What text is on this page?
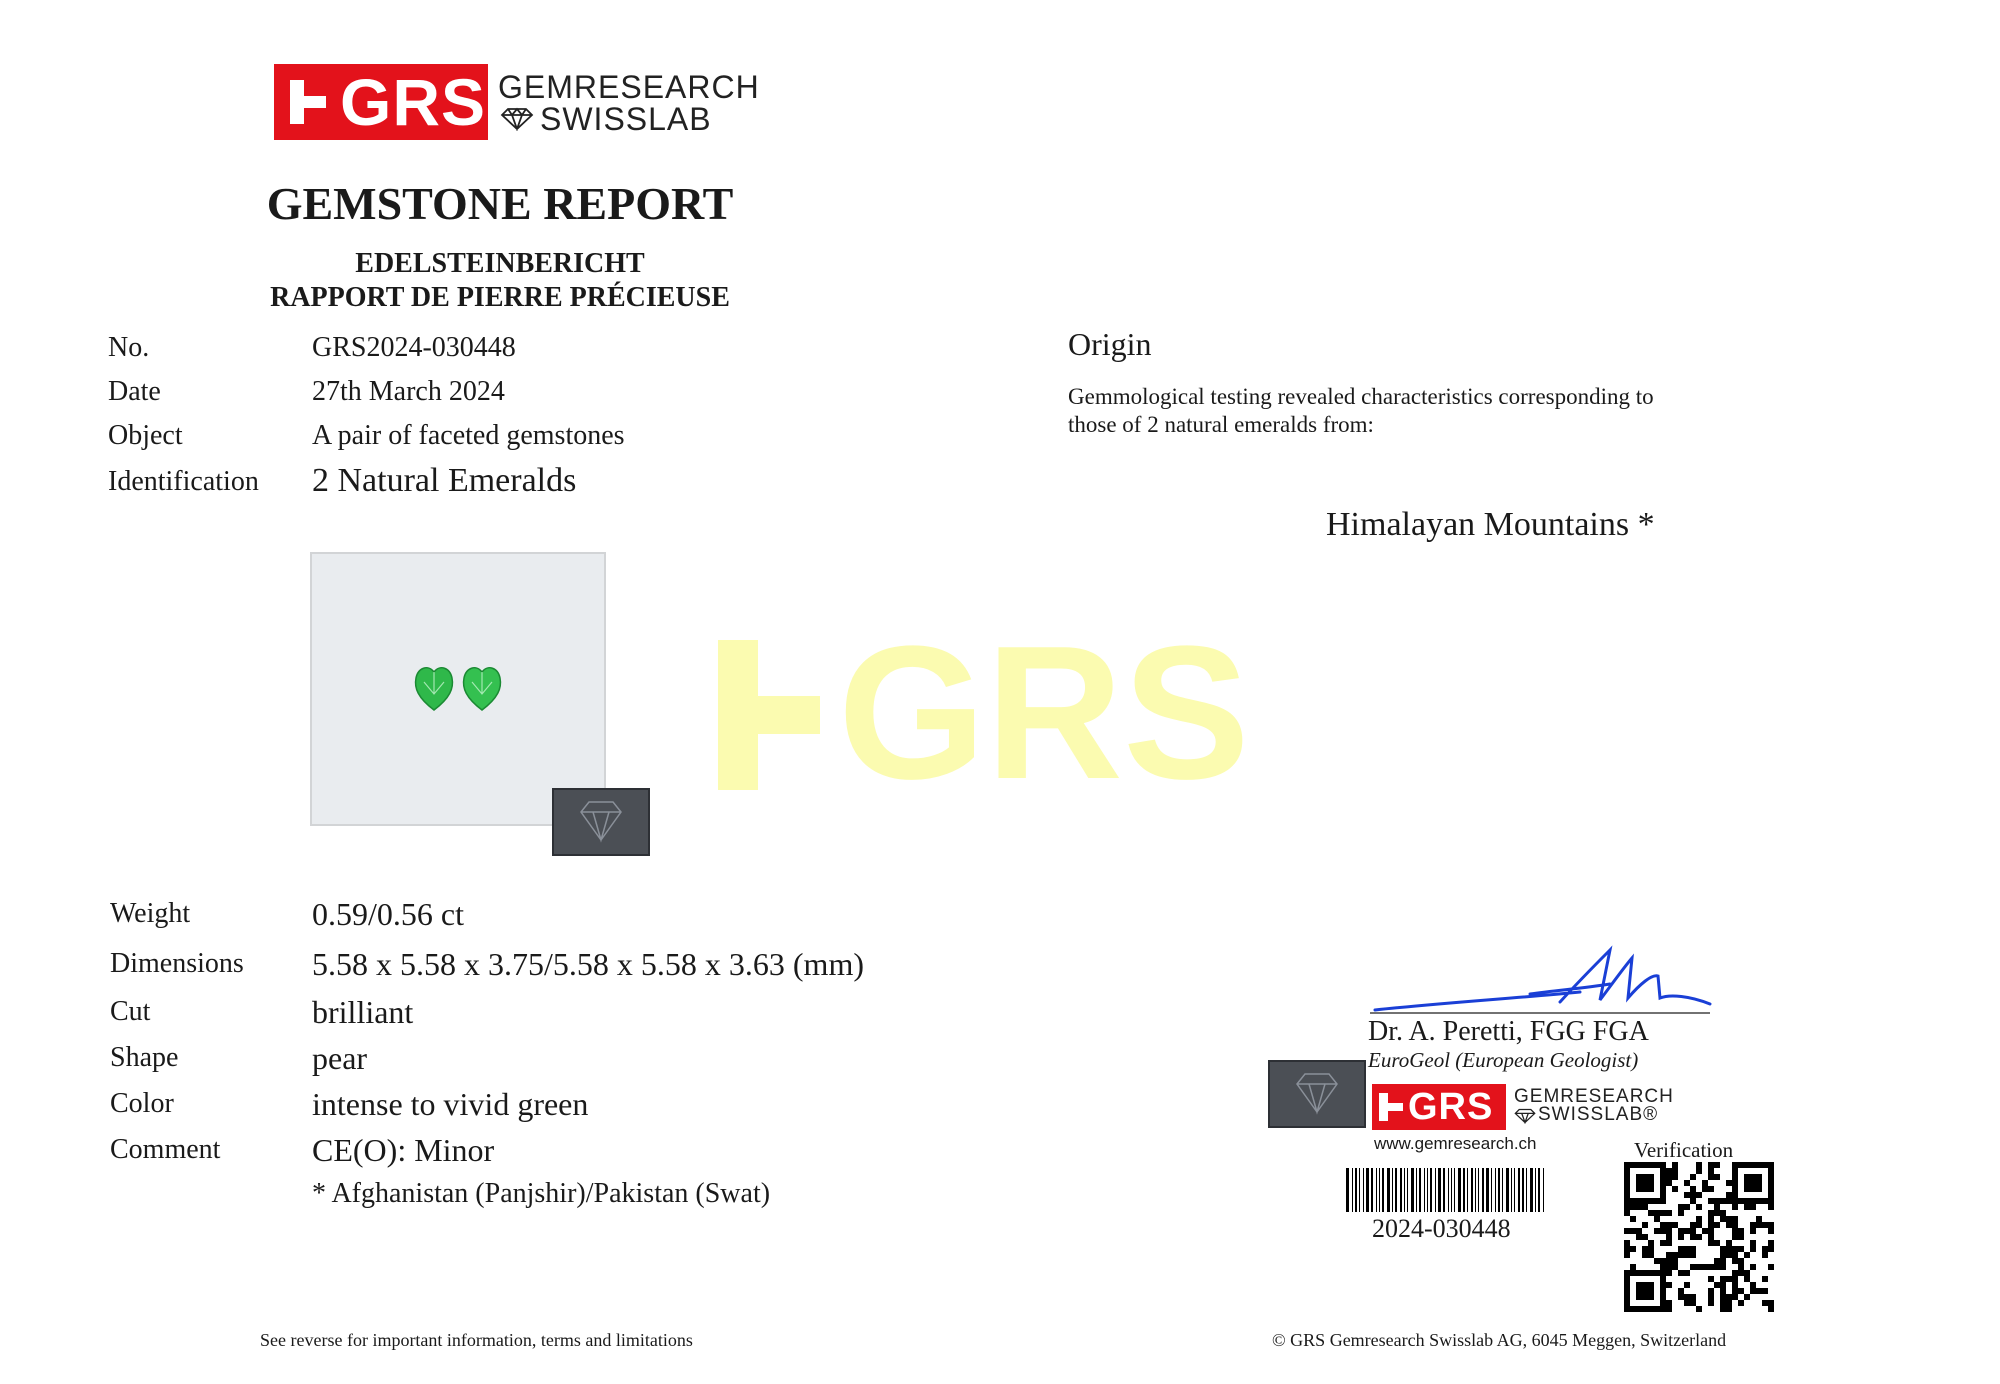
GRS
GRS GEMRESEARCH
SWISSLAB
GEMSTONE REPORT
EDELSTEINBERICHT
RAPPORT DE PIERRE PRÉCIEUSE
No.	GRS2024-030448
Date	27th March 2024
Object	A pair of faceted gemstones
Identification 2 Natural Emeralds
Weight	0.59/0.56 ct
Dimensions 5.58 x 5.58 x 3.75/5.58 x 5.58 x 3.63 (mm)
Cut	brilliant
Shape	pear
Color	intense to vivid green
Comment	CE(O): Minor
* Afghanistan (Panjshir)/Pakistan (Swat)
Origin
Gemmological testing revealed characteristics corresponding to
those of 2 natural emeralds from:
Himalayan Mountains *
Dr. A. Peretti, FGG FGA
EuroGeol (European Geologist)
GRS GEMRESEARCH
SWISSLAB®
www.gemresearch.ch
2024-030448
Verification
See reverse for important information, terms and limitations	© GRS Gemresearch Swisslab AG, 6045 Meggen, Switzerland
